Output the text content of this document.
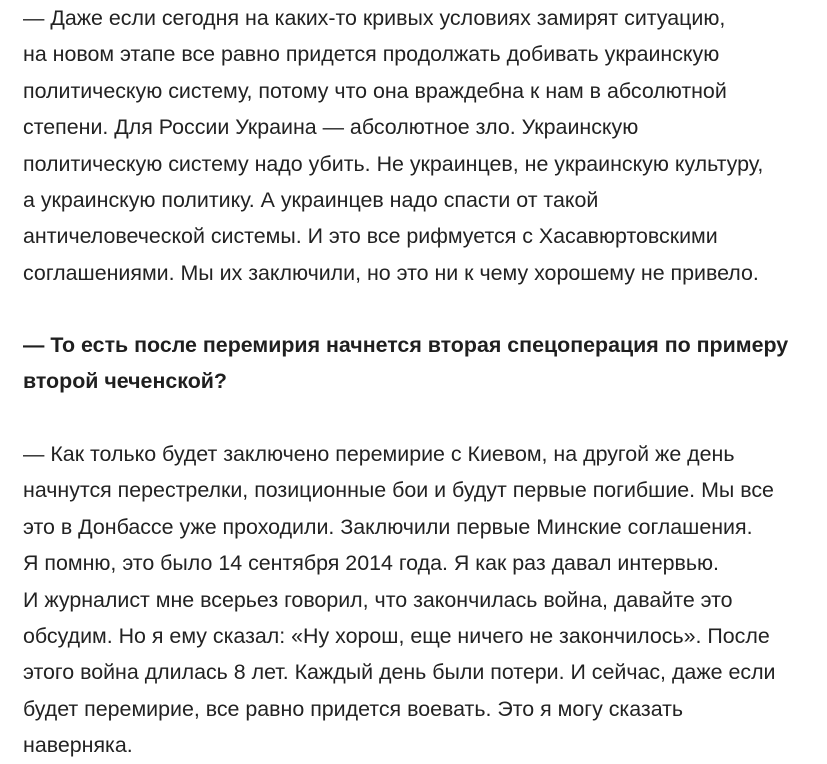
— Даже если сегодня на каких-то кривых условиях замирят ситуацию,
на новом этапе все равно придется продолжать добивать украинскую
политическую систему, потому что она враждебна к нам в абсолютной
степени. Для России Украина — абсолютное зло. Украинскую
политическую систему надо убить. Не украинцев, не украинскую культуру,
а украинскую политику. А украинцев надо спасти от такой
античеловеческой системы. И это все рифмуется с Хасавюртовскими
соглашениями. Мы их заключили, но это ни к чему хорошему не привело.

— То есть после перемирия начнется вторая спецоперация по примеру
второй чеченской?

— Как только будет заключено перемирие с Киевом, на другой же день
начнутся перестрелки, позиционные бои и будут первые погибшие. Мы все
это в Донбассе уже проходили. Заключили первые Минские соглашения.
Я помню, это было 14 сентября 2014 года. Я как раз давал интервью.
И журналист мне всерьез говорил, что закончилась война, давайте это
обсудим. Но я ему сказал: «Ну хорош, еще ничего не закончилось». После
этого война длилась 8 лет. Каждый день были потери. И сейчас, даже если
будет перемирие, все равно придется воевать. Это я могу сказать
наверняка.
